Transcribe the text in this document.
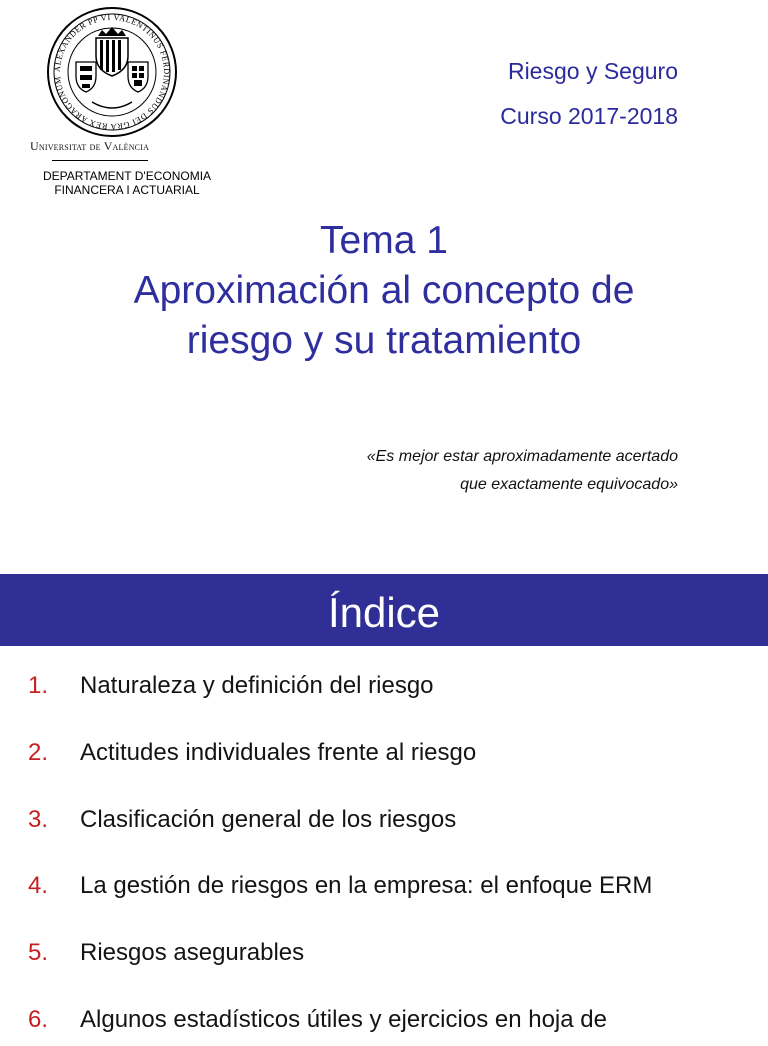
ALEXANDER PP VI VALENTINUS FERDINANDUS DEI GRA REX ARAGONUM
Universitat de València
DEPARTAMENT D'ECONOMIA
FINANCERA I ACTUARIAL
Riesgo y Seguro
Curso 2017-2018
Tema 1
Aproximación al concepto de
riesgo y su tratamiento
«Es mejor estar aproximadamente acertado
que exactamente equivocado»
Índice
1. Naturaleza y definición del riesgo
2. Actitudes individuales frente al riesgo
3. Clasificación general de los riesgos
4. La gestión de riesgos en la empresa: el enfoque ERM
5. Riesgos asegurables
6. Algunos estadísticos útiles y ejercicios en hoja de
